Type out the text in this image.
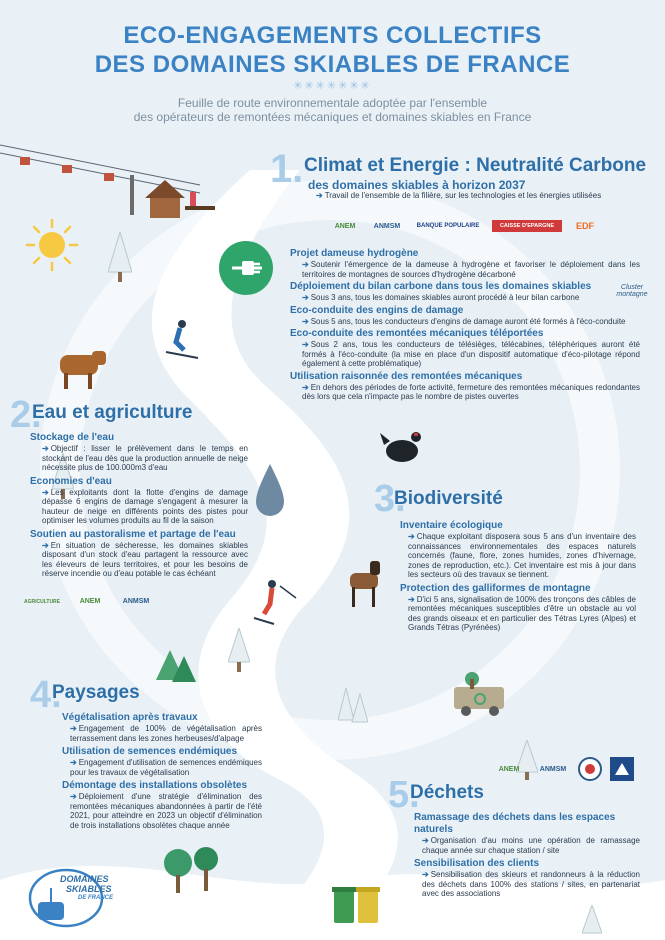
ECO-ENGAGEMENTS COLLECTIFS
DES DOMAINES SKIABLES DE FRANCE
✳✳✳✳✳✳✳
Feuille de route environnementale adoptée par l'ensemble
des opérateurs de remontées mécaniques et domaines skiables en France
1. Climat et Energie : Neutralité Carbone
des domaines skiables à horizon 2037
➔ Travail de l'ensemble de la filière, sur les technologies et les énergies utilisées
ANEM	ANMSM	BANQUE POPULAIRE	CAISSE D'EPARGNE	EDF
Projet dameuse hydrogène
➔ Soutenir l'émergence de la dameuse à hydrogène et favoriser le déploiement dans les territoires de montagnes de sources d'hydrogène décarboné
Déploiement du bilan carbone dans tous les domaines skiables
➔ Sous 3 ans, tous les domaines skiables auront procédé à leur bilan carbone
Eco-conduite des engins de damage
➔ Sous 5 ans, tous les conducteurs d'engins de damage auront été formés à l'éco-conduite
Eco-conduite des remontées mécaniques téléportées
➔ Sous 2 ans, tous les conducteurs de télésièges, télécabines, téléphériques auront été formés à l'éco-conduite (la mise en place d'un dispositif automatique d'éco-pilotage répond également à cette problématique)
Utilisation raisonnée des remontées mécaniques
➔ En dehors des périodes de forte activité, fermeture des remontées mécaniques redondantes dès lors que cela n'impacte pas le nombre de pistes ouvertes
Cluster montagne
2.
Eau et agriculture
Stockage de l'eau
➔ Objectif : lisser le prélèvement dans le temps en stockant de l'eau dès que la production annuelle de neige nécessite plus de 100.000m3 d'eau
Economies d'eau
➔ Les exploitants dont la flotte d'engins de damage dépasse 6 engins de damage s'engagent à mesurer la hauteur de neige en différents points des pistes pour optimiser les volumes produits au fil de la saison
Soutien au pastoralisme et partage de l'eau
➔ En situation de sécheresse, les domaines skiables disposant d'un stock d'eau partagent la ressource avec les éleveurs de leurs territoires, et pour les besoins de réserve incendie ou d'eau potable le cas échéant
AGRICULTURE	ANEM	ANMSM
3.
Biodiversité
Inventaire écologique
➔ Chaque exploitant disposera sous 5 ans d'un inventaire des connaissances environnementales des espaces naturels concernés (faune, flore, zones humides, zones d'hivernage, zones de reproduction, etc.). Cet inventaire est mis à jour dans les secteurs où des travaux se tiennent.
Protection des galliformes de montagne
➔ D'ici 5 ans, signalisation de 100% des tronçons des câbles de remontées mécaniques susceptibles d'être un obstacle au vol des grands oiseaux et en particulier des Tétras Lyres (Alpes) et Grands Tétras (Pyrénées)
4.
Paysages
Végétalisation après travaux
➔ Engagement de 100% de végétalisation après terrassement dans les zones herbeuses/d'alpage
Utilisation de semences endémiques
➔ Engagement d'utilisation de semences endémiques pour les travaux de végétalisation
Démontage des installations obsolètes
➔ Déploiement d'une stratégie d'élimination des remontées mécaniques abandonnées à partir de l'été 2021, pour atteindre en 2023 un objectif d'élimination de trois installations obsolètes chaque année
ANEM	ANMSM
5.
Déchets
Ramassage des déchets dans les espaces naturels
➔ Organisation d'au moins une opération de ramassage chaque année sur chaque station / site
Sensibilisation des clients
➔ Sensibilisation des skieurs et randonneurs à la réduction des déchets dans 100% des stations / sites, en partenariat avec des associations
DOMAINES
SKIABLES
DE FRANCE
